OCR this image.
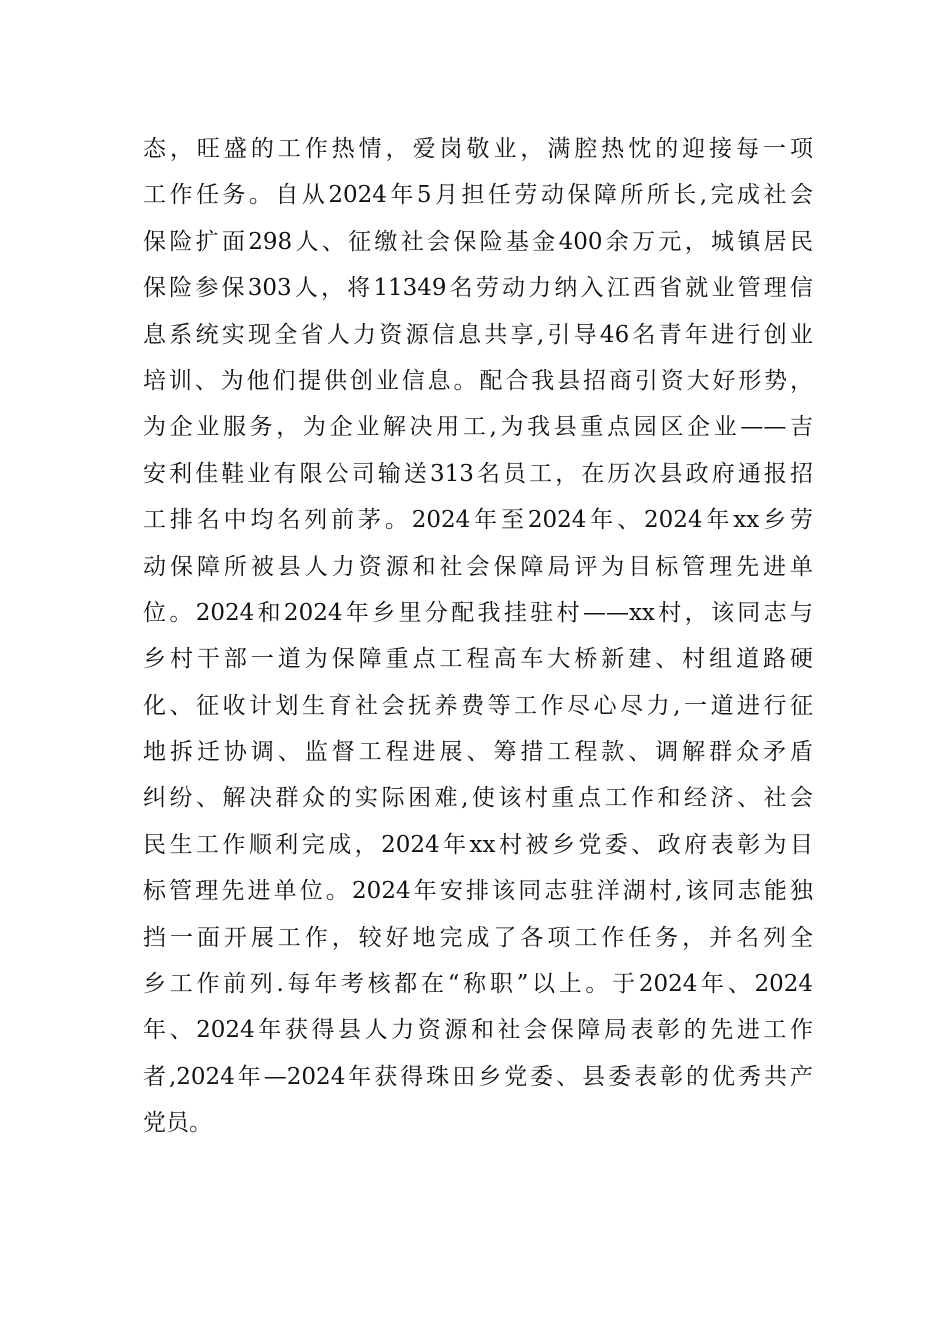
态，旺盛的工作热情，爱岗敬业，满腔热忱的迎接每一项
工作任务。自从2024年5月担任劳动保障所所长,完成社会
保险扩面298人、征缴社会保险基金400余万元，城镇居民
保险参保303人，将11349名劳动力纳入江西省就业管理信
息系统实现全省人力资源信息共享,引导46名青年进行创业
培训、为他们提供创业信息。配合我县招商引资大好形势，
为企业服务，为企业解决用工,为我县重点园区企业——吉
安利佳鞋业有限公司输送313名员工，在历次县政府通报招
工排名中均名列前茅。2024年至2024年、2024年xx乡劳
动保障所被县人力资源和社会保障局评为目标管理先进单
位。2024和2024年乡里分配我挂驻村——xx村，该同志与
乡村干部一道为保障重点工程高车大桥新建、村组道路硬
化、征收计划生育社会抚养费等工作尽心尽力,一道进行征
地拆迁协调、监督工程进展、筹措工程款、调解群众矛盾
纠纷、解决群众的实际困难,使该村重点工作和经济、社会
民生工作顺利完成，2024年xx村被乡党委、政府表彰为目
标管理先进单位。2024年安排该同志驻洋湖村,该同志能独
挡一面开展工作，较好地完成了各项工作任务，并名列全
乡工作前列.每年考核都在“称职”以上。于2024年、2024
年、2024年获得县人力资源和社会保障局表彰的先进工作
者,2024年—2024年获得珠田乡党委、县委表彰的优秀共产
党员。
